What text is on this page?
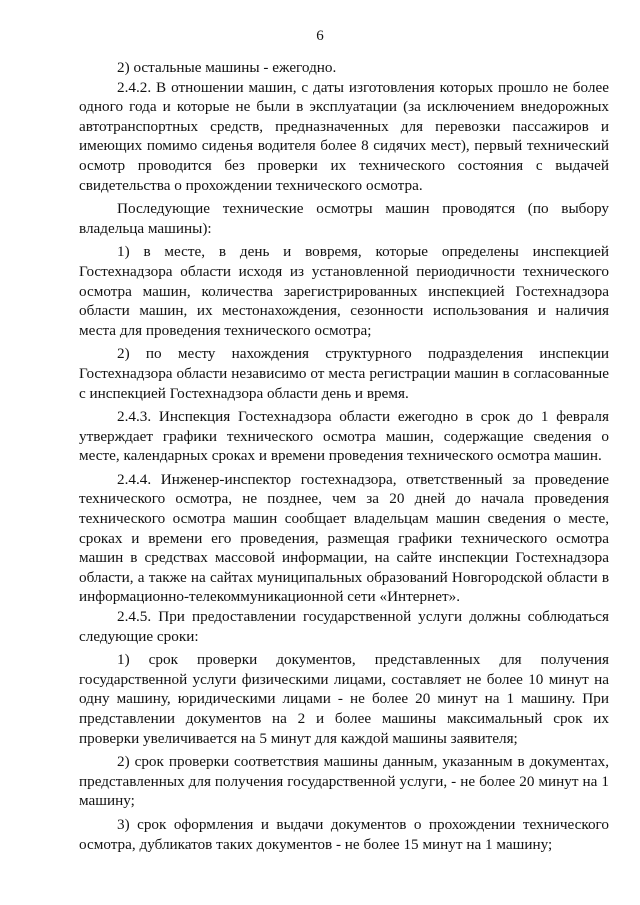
6

2) остальные машины - ежегодно.

2.4.2. В отношении машин, с даты изготовления которых прошло не более одного года и которые не были в эксплуатации (за исключением внедорожных автотранспортных средств, предназначенных для перевозки пассажиров и имеющих помимо сиденья водителя более 8 сидячих мест), первый технический осмотр проводится без проверки их технического состояния с выдачей свидетельства о прохождении технического осмотра.

Последующие технические осмотры машин проводятся (по выбору владельца машины):

1) в месте, в день и вовремя, которые определены инспекцией Гостехнадзора области исходя из установленной периодичности технического осмотра машин, количества зарегистрированных инспекцией Гостехнадзора области машин, их местонахождения, сезонности использования и наличия места для проведения технического осмотра;

2) по месту нахождения структурного подразделения инспекции Гостехнадзора области независимо от места регистрации машин в согласованные с инспекцией Гостехнадзора области день и время.

2.4.3. Инспекция Гостехнадзора области ежегодно в срок до 1 февраля утверждает графики технического осмотра машин, содержащие сведения о месте, календарных сроках и времени проведения технического осмотра машин.

2.4.4. Инженер-инспектор гостехнадзора, ответственный за проведение технического осмотра, не позднее, чем за 20 дней до начала проведения технического осмотра машин сообщает владельцам машин сведения о месте, сроках и времени его проведения, размещая графики технического осмотра машин в средствах массовой информации, на сайте инспекции Гостехнадзора области, а также на сайтах муниципальных образований Новгородской области в информационно-телекоммуникационной сети «Интернет».

2.4.5. При предоставлении государственной услуги должны соблюдаться следующие сроки:

1) срок проверки документов, представленных для получения государственной услуги физическими лицами, составляет не более 10 минут на одну машину, юридическими лицами - не более 20 минут на 1 машину. При представлении документов на 2 и более машины максимальный срок их проверки увеличивается на 5 минут для каждой машины заявителя;

2) срок проверки соответствия машины данным, указанным в документах, представленных для получения государственной услуги, - не более 20 минут на 1 машину;

3) срок оформления и выдачи документов о прохождении технического осмотра, дубликатов таких документов - не более 15 минут на 1 машину;
